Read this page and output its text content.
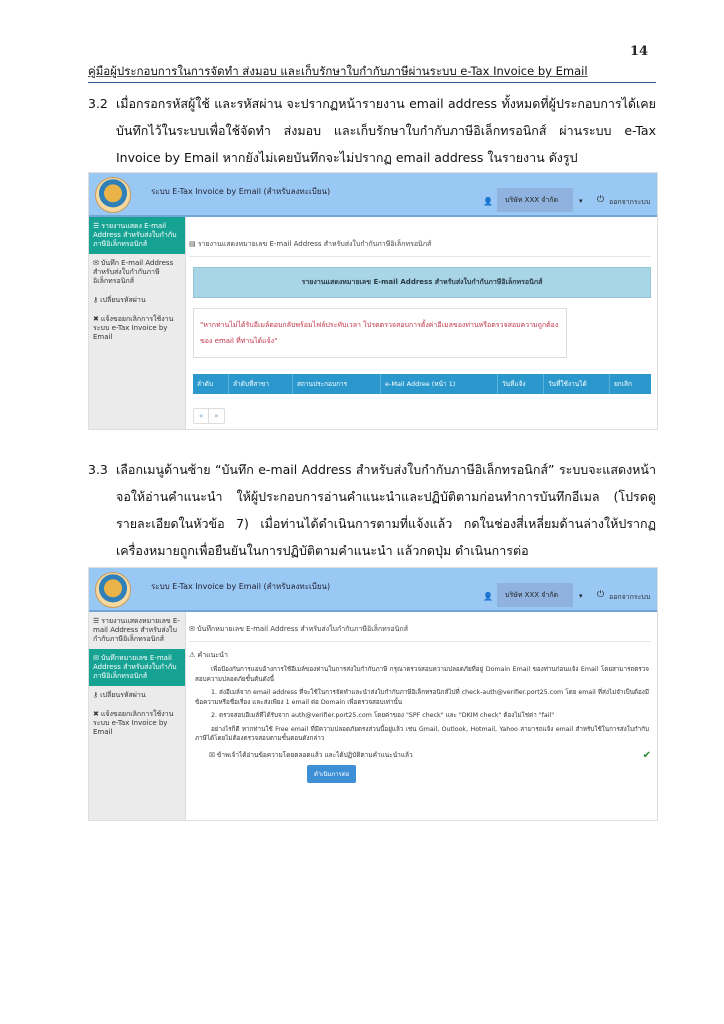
14
คู่มือผู้ประกอบการในการจัดทำ ส่งมอบ และเก็บรักษาใบกำกับภาษีผ่านระบบ e-Tax Invoice by Email
3.2 เมื่อกรอกรหัสผู้ใช้ และรหัสผ่าน จะปรากฏหน้ารายงาน email address ทั้งหมดที่ผู้ประกอบการได้เคยบันทึกไว้ในระบบเพื่อใช้จัดทำ ส่งมอบ และเก็บรักษาใบกำกับภาษีอิเล็กทรอนิกส์ ผ่านระบบ e-Tax Invoice by Email หากยังไม่เคยบันทึกจะไม่ปรากฏ email address ในรายงาน ดังรูป
ระบบ E-Tax Invoice by Email (สำหรับลงทะเบียน)
👤	บริษัท XXX จำกัด	▾ ⏻ ออกจากระบบ
☰ รายงานแสดง E-mail Address สำหรับส่งใบกำกับภาษีอิเล็กทรอนิกส์
✉ บันทึก E-mail Address สำหรับส่งใบกำกับภาษีอิเล็กทรอนิกส์
⚷ เปลี่ยนรหัสผ่าน
✖ แจ้งขอยกเลิกการใช้งานระบบ e-Tax Invoice by Email
▤ รายงานแสดงหมายเลข E-mail Address สำหรับส่งใบกำกับภาษีอิเล็กทรอนิกส์
รายงานแสดงหมายเลข E-mail Address สำหรับส่งใบกำกับภาษีอิเล็กทรอนิกส์
"หากท่านไม่ได้รับอีเมล์ตอบกลับพร้อมไฟล์ประทับเวลา โปรดตรวจสอบการตั้งค่าอีเมลของท่านหรือตรวจสอบความถูกต้องของ email ที่ท่านได้แจ้ง"
ลำดับ	ลำดับที่สาขา	สถานประกอบการ	e-Mail Addree (หน้า 1)	วันที่แจ้ง	วันที่ใช้งานได้	ยกเลิก
«	»
3.3 เลือกเมนูด้านซ้าย “บันทึก e-mail Address สำหรับส่งใบกำกับภาษีอิเล็กทรอนิกส์” ระบบจะแสดงหน้าจอให้อ่านคำแนะนำ ให้ผู้ประกอบการอ่านคำแนะนำและปฏิบัติตามก่อนทำการบันทึกอีเมล (โปรดดูรายละเอียดในหัวข้อ 7) เมื่อท่านได้ดำเนินการตามที่แจ้งแล้ว กดในช่องสี่เหลี่ยมด้านล่างให้ปรากฏเครื่องหมายถูกเพื่อยืนยันในการปฏิบัติตามคำแนะนำ แล้วกดปุ่ม ดำเนินการต่อ
ระบบ E-Tax Invoice by Email (สำหรับลงทะเบียน)
👤	บริษัท XXX จำกัด	▾ ⏻ ออกจากระบบ
☰ รายงานแสดงหมายเลข E-mail Address สำหรับส่งใบกำกับภาษีอิเล็กทรอนิกส์
✉ บันทึกหมายเลข E-mail Address สำหรับส่งใบกำกับภาษีอิเล็กทรอนิกส์
⚷ เปลี่ยนรหัสผ่าน
✖ แจ้งขอยกเลิกการใช้งานระบบ e-Tax Invoice by Email
✉ บันทึกหมายเลข E-mail Address สำหรับส่งใบกำกับภาษีอิเล็กทรอนิกส์
⚠ คำแนะนำ

เพื่อป้องกันการแอบอ้างการใช้อีเมล์ของท่านในการส่งใบกำกับภาษี กรุณาตรวจสอบความปลอดภัยที่อยู่ Domain Email ของท่านก่อนแจ้ง Email โดยสามารถตรวจสอบความปลอดภัยขั้นต้นดังนี้

1. ส่งอีเมล์จาก email address ที่จะใช้ในการจัดทำและนำส่งใบกำกับภาษีอิเล็กทรอนิกส์ไปที่ check-auth@verifier.port25.com โดย email ที่ส่งไม่จำเป็นต้องมีข้อความหรือชื่อเรื่อง และส่งเพียง 1 email ต่อ Domain เพื่อตรวจสอบเท่านั้น

2. ตรวจสอบอีเมล์ที่ได้รับจาก auth@verifier.port25.com โดยค่าของ "SPF check" และ "DKIM check" ต้องไม่ใช่ค่า "fail"

อย่างไรก็ดี หากท่านใช้ Free email ที่มีความปลอดภัยตรงส่วนนี้อยู่แล้ว เช่น Gmail, Outlook, Hotmail, Yahoo สามารถแจ้ง email สำหรับใช้ในการส่งใบกำกับภาษีได้โดยไม่ต้องตรวจสอบตามขั้นตอนดังกล่าว

☒ ข้าพเจ้าได้อ่านข้อความโดยตลอดแล้ว และได้ปฏิบัติตามคำแนะนำแล้ว	✔
ดำเนินการต่อ
